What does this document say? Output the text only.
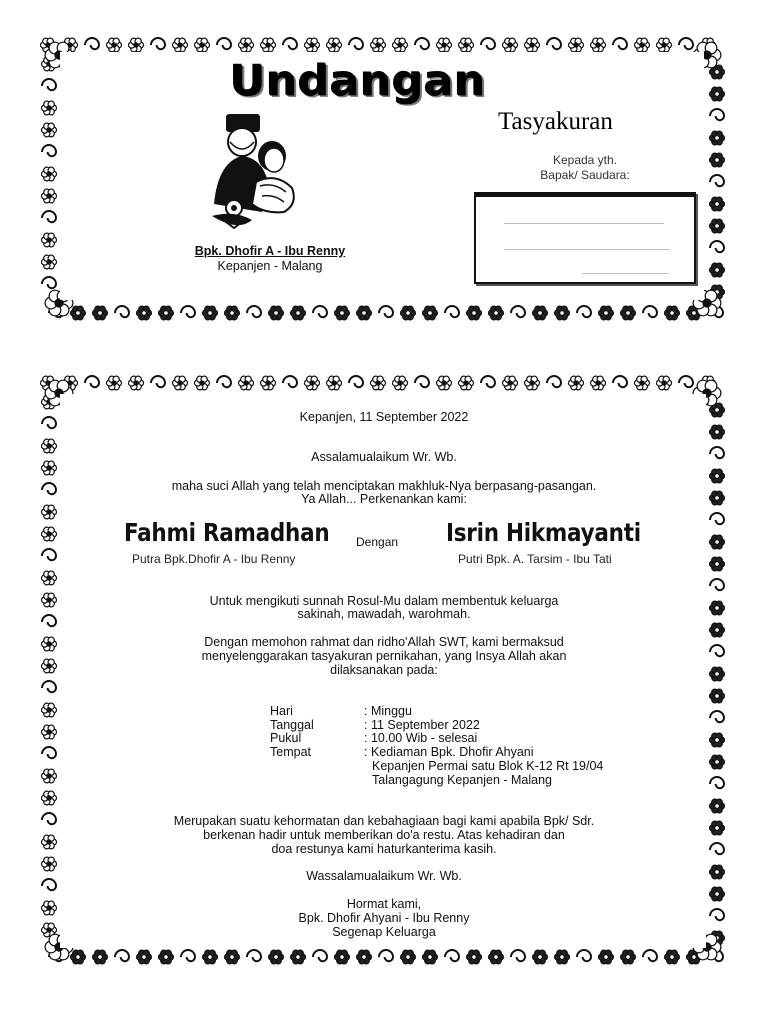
Undangan
Tasyakuran
Kepada yth.
Bapak/ Saudara:
Bpk. Dhofir A - Ibu Renny
Kepanjen - Malang
Kepanjen, 11 September 2022
Assalamualaikum Wr. Wb.
maha suci Allah yang telah menciptakan makhluk-Nya berpasang-pasangan.
Ya Allah... Perkenankan kami:
Fahmi Ramadhan Dengan Isrin Hikmayanti
Putra Bpk.Dhofir A - Ibu Renny	Putri Bpk. A. Tarsim - Ibu Tati
Untuk mengikuti sunnah Rosul-Mu dalam membentuk keluarga
sakinah, mawadah, warohmah.
Dengan memohon rahmat dan ridho'Allah SWT, kami bermaksud
menyelenggarakan tasyakuran pernikahan, yang Insya Allah akan
dilaksanakan pada:
Hari	: Minggu
Tanggal	: 11 September 2022
Pukul	: 10.00 Wib - selesai
Tempat	: Kediaman Bpk. Dhofir Ahyani
Kepanjen Permai satu Blok K-12 Rt 19/04
Talangagung Kepanjen - Malang
Merupakan suatu kehormatan dan kebahagiaan bagi kami apabila Bpk/ Sdr.
berkenan hadir untuk memberikan do'a restu. Atas kehadiran dan
doa restunya kami haturkanterima kasih.
Wassalamualaikum Wr. Wb.
Hormat kami,
Bpk. Dhofir Ahyani - Ibu Renny
Segenap Keluarga
